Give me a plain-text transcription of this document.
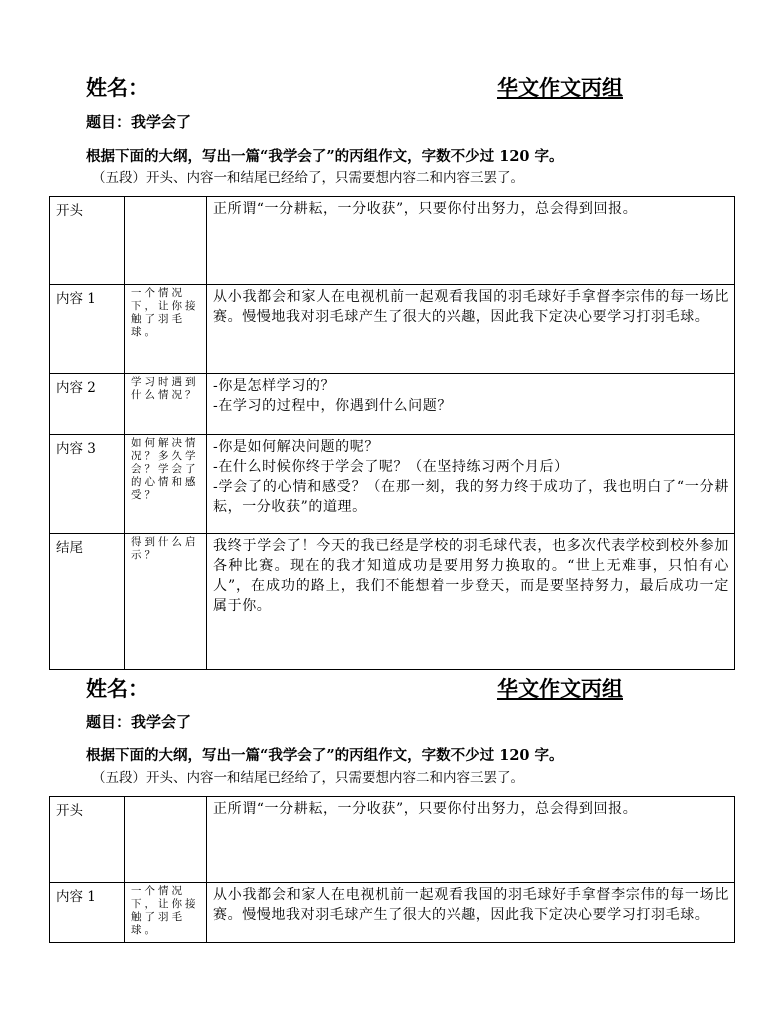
姓名：	华文作文丙组
题目：我学会了
根据下面的大纲，写出一篇“我学会了”的丙组作文，字数不少过 120 字。
（五段）开头、内容一和结尾已经给了，只需要想内容二和内容三罢了。
开头		正所谓“一分耕耘，一分收获”，只要你付出努力，总会得到回报。

内容 1	一个情况下，让你接触了羽毛球。	从小我都会和家人在电视机前一起观看我国的羽毛球好手拿督李宗伟的每一场比赛。慢慢地我对羽毛球产生了很大的兴趣，因此我下定决心要学习打羽毛球。

内容 2	学习时遇到什么情况？	-你是怎样学习的？
-在学习的过程中，你遇到什么问题？

内容 3	如何解决情况？多久学会？学会了的心情和感受？	-你是如何解决问题的呢？
-在什么时候你终于学会了呢？（在坚持练习两个月后）
-学会了的心情和感受？（在那一刻，我的努力终于成功了，我也明白了“一分耕耘，一分收获”的道理。

结尾	得到什么启示？	我终于学会了！今天的我已经是学校的羽毛球代表，也多次代表学校到校外参加各种比赛。现在的我才知道成功是要用努力换取的。“世上无难事，只怕有心人”，在成功的路上，我们不能想着一步登天，而是要坚持努力，最后成功一定属于你。
姓名：	华文作文丙组
题目：我学会了
根据下面的大纲，写出一篇“我学会了”的丙组作文，字数不少过 120 字。
（五段）开头、内容一和结尾已经给了，只需要想内容二和内容三罢了。
开头		正所谓“一分耕耘，一分收获”，只要你付出努力，总会得到回报。

内容 1	一个情况下，让你接触了羽毛球。	从小我都会和家人在电视机前一起观看我国的羽毛球好手拿督李宗伟的每一场比赛。慢慢地我对羽毛球产生了很大的兴趣，因此我下定决心要学习打羽毛球。
